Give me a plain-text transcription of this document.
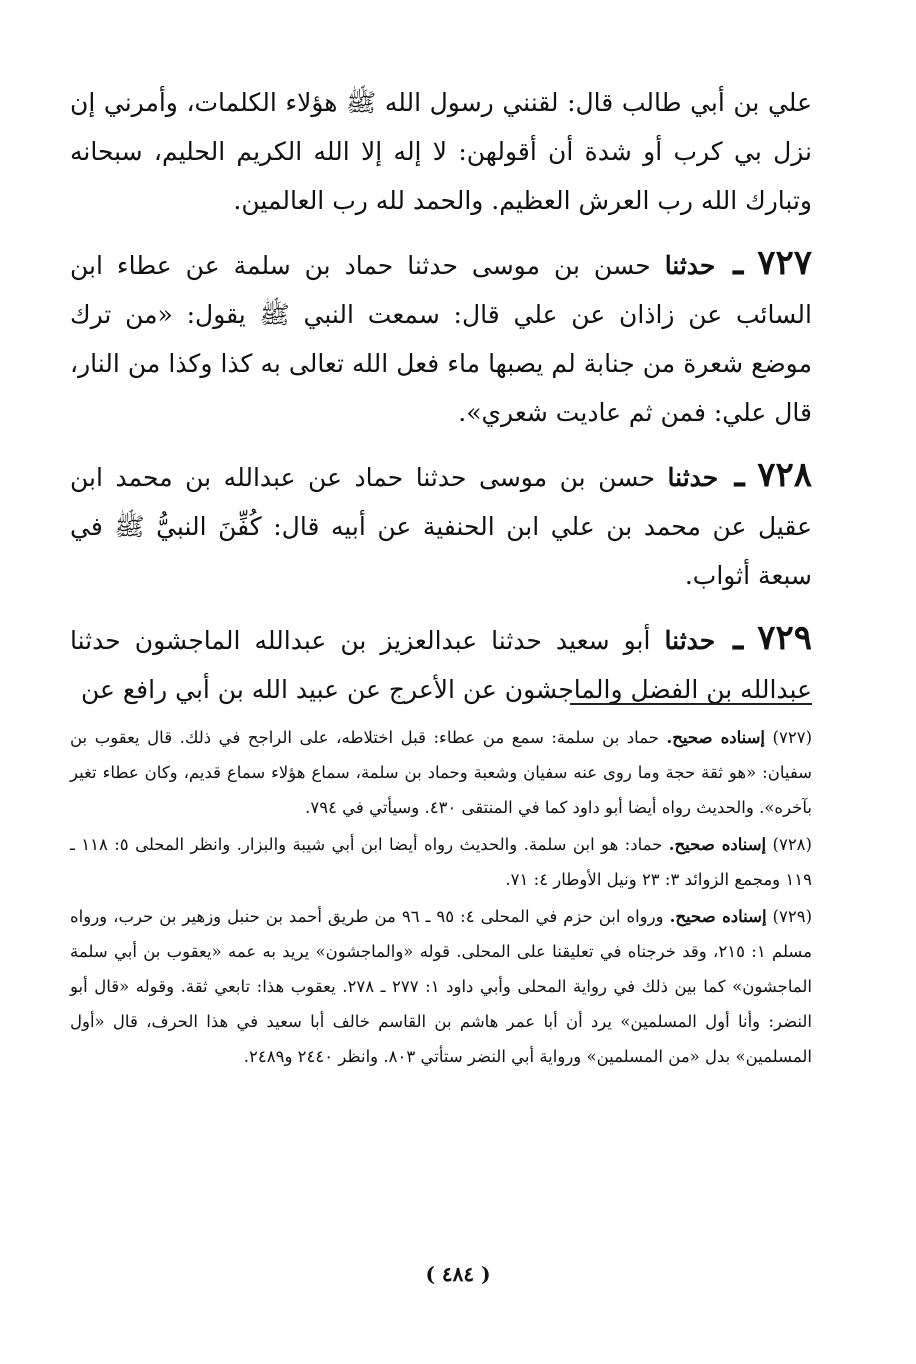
علي بن أبي طالب قال: لقنني رسول الله ﷺ هؤلاء الكلمات، وأمرني إن نزل بي كرب أو شدة أن أقولهن: لا إله إلا الله الكريم الحليم، سبحانه وتبارك الله رب العرش العظيم. والحمد لله رب العالمين.

٧٢٧ ـ حدثنا حسن بن موسى حدثنا حماد بن سلمة عن عطاء ابن السائب عن زاذان عن علي قال: سمعت النبي ﷺ يقول: «من ترك موضع شعرة من جنابة لم يصبها ماء فعل الله تعالى به كذا وكذا من النار، قال علي: فمن ثم عاديت شعري».

٧٢٨ ـ حدثنا حسن بن موسى حدثنا حماد عن عبدالله بن محمد ابن عقيل عن محمد بن علي ابن الحنفية عن أبيه قال: كُفِّنَ النبيُّ ﷺ في سبعة أثواب.

٧٢٩ ـ حدثنا أبو سعيد حدثنا عبدالعزيز بن عبدالله الماجشون حدثنا عبدالله بن الفضل والماجشون عن الأعرج عن عبيد الله بن أبي رافع عن

(٧٢٧) إسناده صحيح. حماد بن سلمة: سمع من عطاء: قبل اختلاطه، على الراجح في ذلك. قال يعقوب بن سفيان: «هو ثقة حجة وما روى عنه سفيان وشعبة وحماد بن سلمة، سماع هؤلاء سماع قديم، وكان عطاء تغير بآخره». والحديث رواه أيضا أبو داود كما في المنتقى ٤٣٠. وسيأتي في ٧٩٤.

(٧٢٨) إسناده صحيح. حماد: هو ابن سلمة. والحديث رواه أيضا ابن أبي شيبة والبزار. وانظر المحلى ٥: ١١٨ ـ ١١٩ ومجمع الزوائد ٣: ٢٣ ونيل الأوطار ٤: ٧١.

(٧٢٩) إسناده صحيح. ورواه ابن حزم في المحلى ٤: ٩٥ ـ ٩٦ من طريق أحمد بن حنبل وزهير بن حرب، ورواه مسلم ١: ٢١٥، وقد خرجناه في تعليقنا على المحلى. قوله «والماجشون» يريد به عمه «يعقوب بن أبي سلمة الماجشون» كما بين ذلك في رواية المحلى وأبي داود ١: ٢٧٧ ـ ٢٧٨. يعقوب هذا: تابعي ثقة. وقوله «قال أبو النضر: وأنا أول المسلمين» يرد أن أبا عمر هاشم بن القاسم خالف أبا سعيد في هذا الحرف، قال «أول المسلمين» بدل «من المسلمين» ورواية أبي النضر ستأتي ٨٠٣. وانظر ٢٤٤٠ و٢٤٨٩.

( ٤٨٤ )
